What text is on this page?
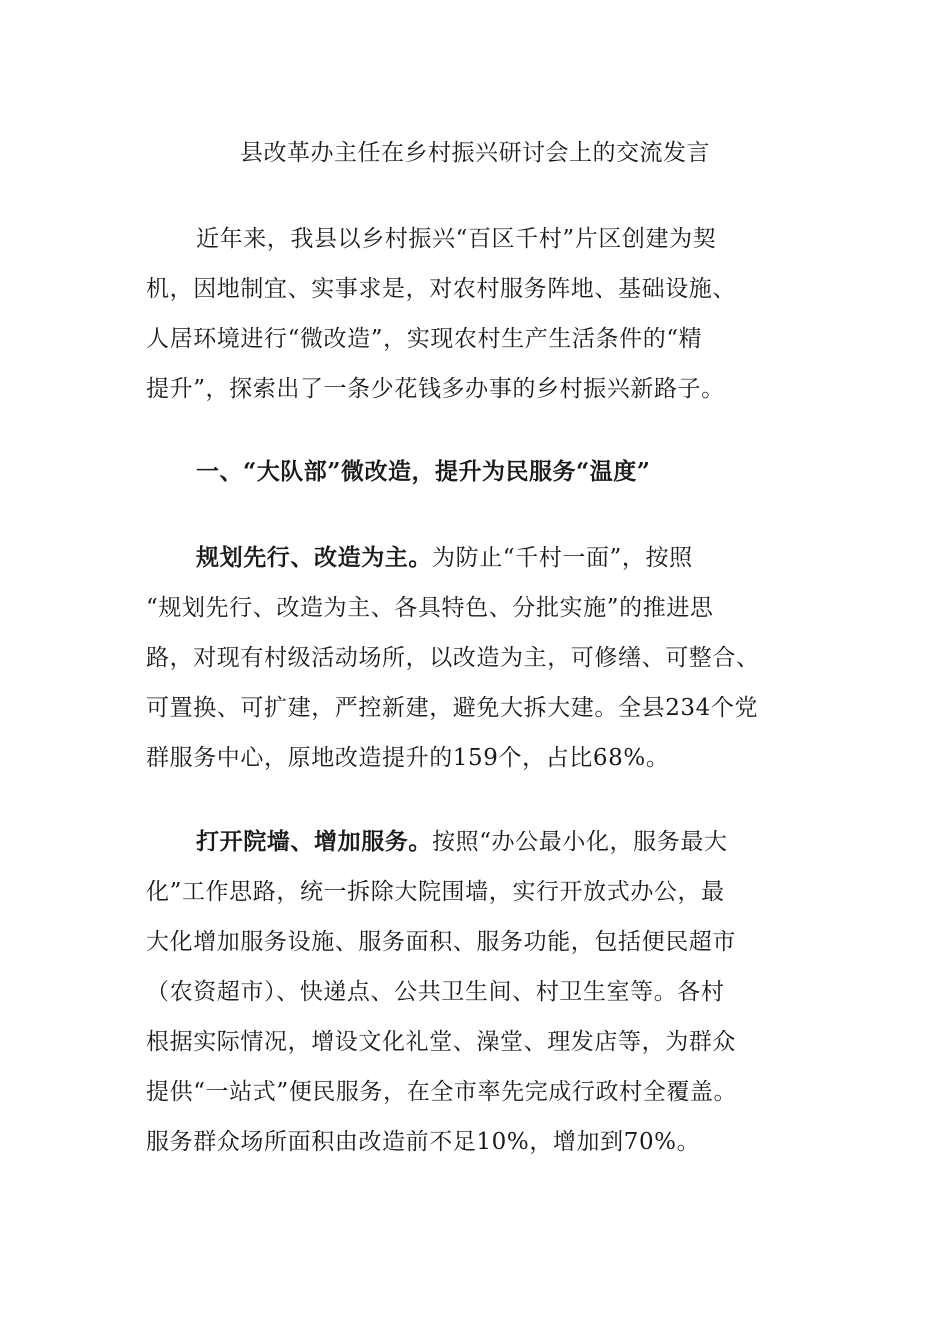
县改革办主任在乡村振兴研讨会上的交流发言
近年来，我县以乡村振兴“百区千村”片区创建为契
机，因地制宜、实事求是，对农村服务阵地、基础设施、
人居环境进行“微改造”，实现农村生产生活条件的“精
提升”，探索出了一条少花钱多办事的乡村振兴新路子。
一、“大队部”微改造，提升为民服务“温度”
规划先行、改造为主。为防止“千村一面”，按照
“规划先行、改造为主、各具特色、分批实施”的推进思
路，对现有村级活动场所，以改造为主，可修缮、可整合、
可置换、可扩建，严控新建，避免大拆大建。全县234个党
群服务中心，原地改造提升的159个，占比68%。
打开院墙、增加服务。按照“办公最小化，服务最大
化”工作思路，统一拆除大院围墙，实行开放式办公，最
大化增加服务设施、服务面积、服务功能，包括便民超市
（农资超市）、快递点、公共卫生间、村卫生室等。各村
根据实际情况，增设文化礼堂、澡堂、理发店等，为群众
提供“一站式”便民服务，在全市率先完成行政村全覆盖。
服务群众场所面积由改造前不足10%，增加到70%。
